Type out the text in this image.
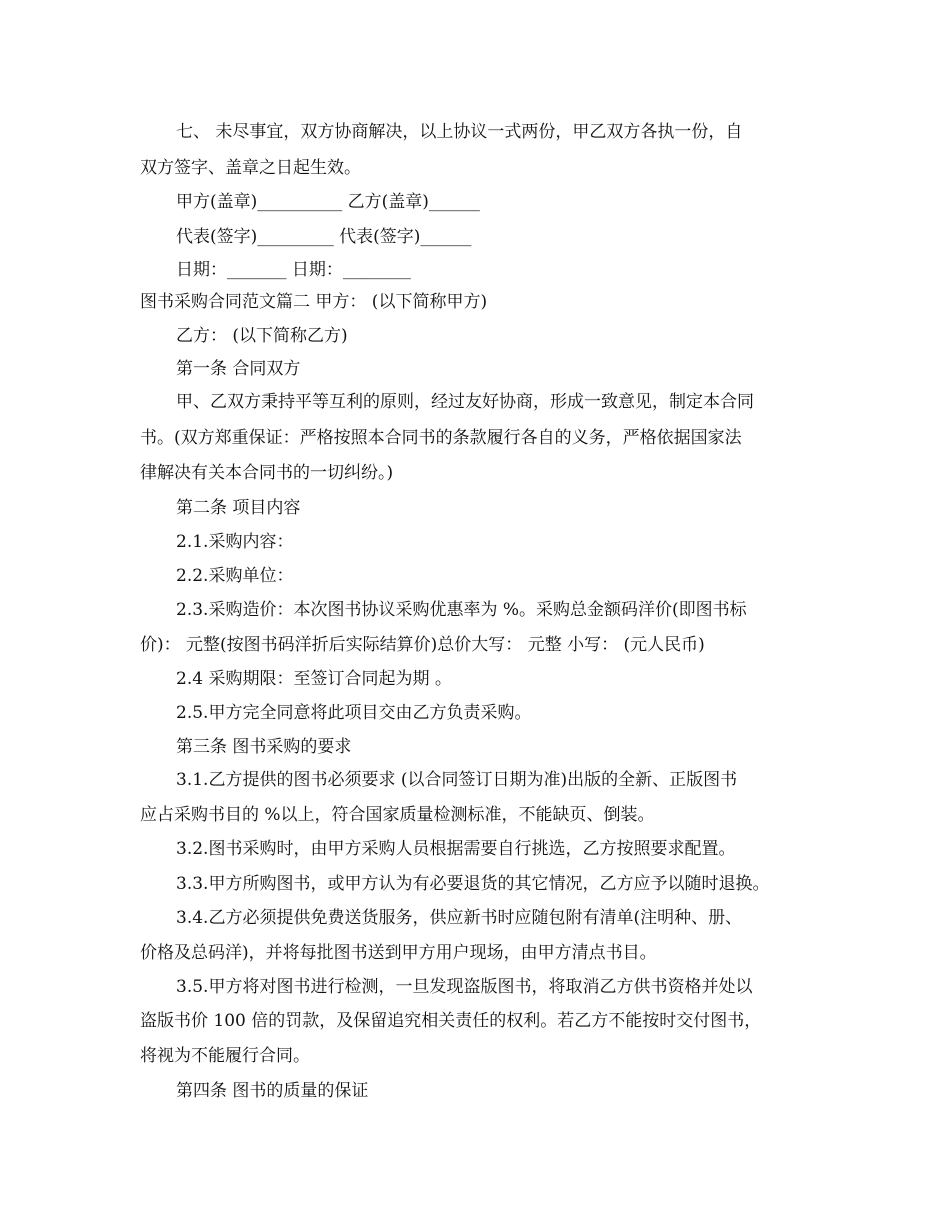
七、 未尽事宜，双方协商解决，以上协议一式两份，甲乙双方各执一份，自
双方签字、盖章之日起生效。
甲方(盖章)__________ 乙方(盖章)______
代表(签字)_________ 代表(签字)______
日期：_______ 日期：________
图书采购合同范文篇二 甲方： (以下简称甲方)
乙方： (以下简称乙方)
第一条 合同双方
甲、乙双方秉持平等互利的原则，经过友好协商，形成一致意见，制定本合同
书。(双方郑重保证：严格按照本合同书的条款履行各自的义务，严格依据国家法
律解决有关本合同书的一切纠纷。)
第二条 项目内容
2.1.采购内容：
2.2.采购单位：
2.3.采购造价：本次图书协议采购优惠率为 %。采购总金额码洋价(即图书标
价)： 元整(按图书码洋折后实际结算价)总价大写： 元整 小写： (元人民币)
2.4 采购期限：至签订合同起为期 。
2.5.甲方完全同意将此项目交由乙方负责采购。
第三条 图书采购的要求
3.1.乙方提供的图书必须要求 (以合同签订日期为准)出版的全新、正版图书
应占采购书目的 %以上，符合国家质量检测标准，不能缺页、倒装。
3.2.图书采购时，由甲方采购人员根据需要自行挑选，乙方按照要求配置。
3.3.甲方所购图书，或甲方认为有必要退货的其它情况，乙方应予以随时退换。
3.4.乙方必须提供免费送货服务，供应新书时应随包附有清单(注明种、册、
价格及总码洋)，并将每批图书送到甲方用户现场，由甲方清点书目。
3.5.甲方将对图书进行检测，一旦发现盗版图书，将取消乙方供书资格并处以
盗版书价 100 倍的罚款，及保留追究相关责任的权利。若乙方不能按时交付图书，
将视为不能履行合同。
第四条 图书的质量的保证
